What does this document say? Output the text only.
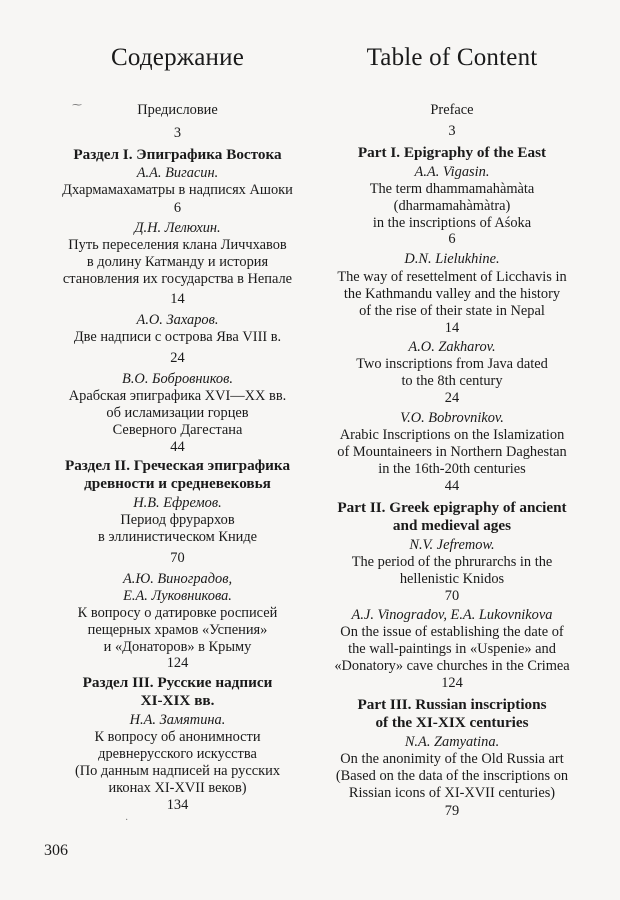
Содержание
Предисловие
3
Раздел I. Эпиграфика Востока
А.А. Вигасин.
Дхармамахаматры в надписях Ашоки
6
Д.Н. Лелюхин.
Путь переселения клана Личчхавов
в долину Катманду и история
становления их государства в Непале
14
А.О. Захаров.
Две надписи с острова Ява VIII в.
24
В.О. Бобровников.
Арабская эпиграфика XVI—XX вв.
об исламизации горцев
Северного Дагестана
44
Раздел II. Греческая эпиграфика
древности и средневековья
Н.В. Ефремов.
Период фрурархов
в эллинистическом Книде
70
А.Ю. Виноградов,
Е.А. Луковникова.
К вопросу о датировке росписей
пещерных храмов «Успения»
и «Донаторов» в Крыму
124
Раздел III. Русские надписи
XI-XIX вв.
Н.А. Замятина.
К вопросу об анонимности
древнерусского искусства
(По данным надписей на русских
иконах XI-XVII веков)
134
Table of Content
Preface
3
Part I. Epigraphy of the East
A.A. Vigasin.
The term dhammamahàmàta
(dharmamahàmàtra)
in the inscriptions of Aśoka
6
D.N. Lielukhine.
The way of resettelment of Licchavis in
the Kathmandu valley and the history
of the rise of their state in Nepal
14
A.O. Zakharov.
Two inscriptions from Java dated
to the 8th century
24
V.O. Bobrovnikov.
Arabic Inscriptions on the Islamization
of Mountaineers in Northern Daghestan
in the 16th-20th centuries
44
Part II. Greek epigraphy of ancient
and medieval ages
N.V. Jefremow.
The period of the phrurarchs in the
hellenistic Knidos
70
A.J. Vinogradov, E.A. Lukovnikova
On the issue of establishing the date of
the wall-paintings in «Uspenie» and
«Donatory» cave churches in the Crimea
124
Part III. Russian inscriptions
of the XI-XIX centuries
N.A. Zamyatina.
On the anonimity of the Old Russia art
(Based on the data of the inscriptions on
Rissian icons of XI-XVII centuries)
79
306
⁓
·
